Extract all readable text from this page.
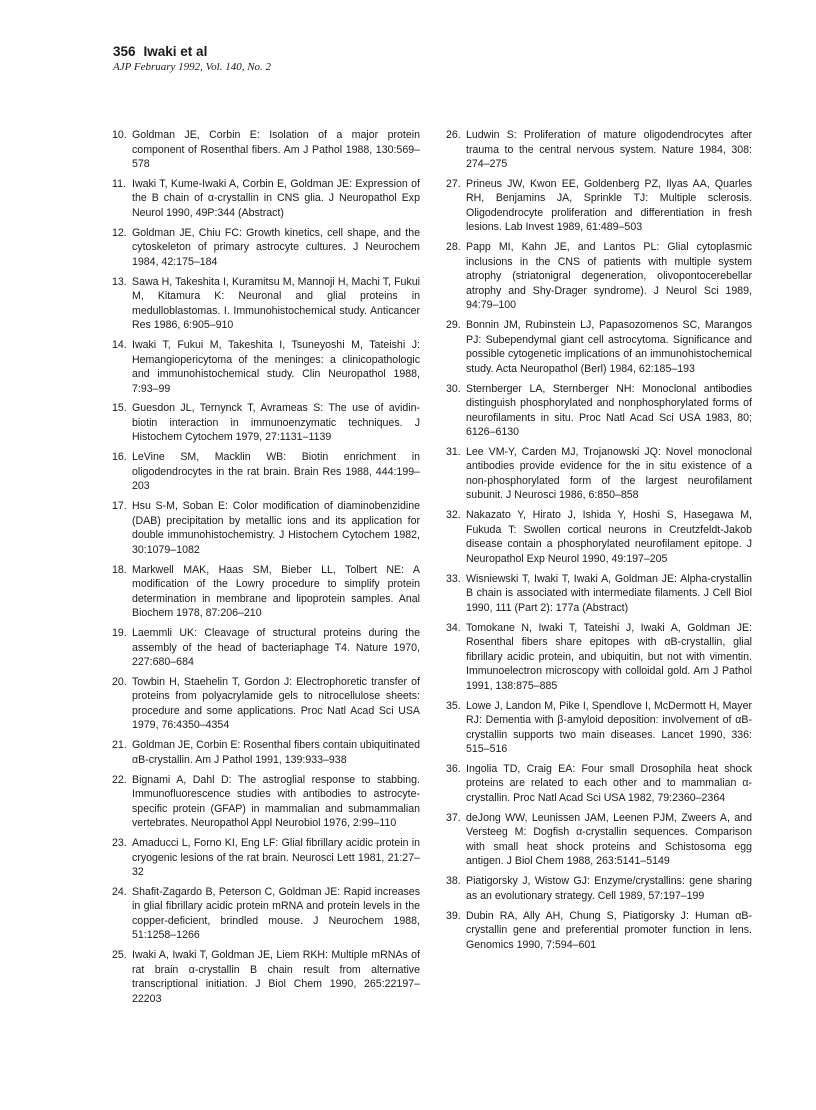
356 Iwaki et al
AJP February 1992, Vol. 140, No. 2
10. Goldman JE, Corbin E: Isolation of a major protein component of Rosenthal fibers. Am J Pathol 1988, 130:569–578
11. Iwaki T, Kume-Iwaki A, Corbin E, Goldman JE: Expression of the B chain of α-crystallin in CNS glia. J Neuropathol Exp Neurol 1990, 49P:344 (Abstract)
12. Goldman JE, Chiu FC: Growth kinetics, cell shape, and the cytoskeleton of primary astrocyte cultures. J Neurochem 1984, 42:175–184
13. Sawa H, Takeshita I, Kuramitsu M, Mannoji H, Machi T, Fukui M, Kitamura K: Neuronal and glial proteins in medulloblastomas. I. Immunohistochemical study. Anticancer Res 1986, 6:905–910
14. Iwaki T, Fukui M, Takeshita I, Tsuneyoshi M, Tateishi J: Hemangiopericytoma of the meninges: a clinicopathologic and immunohistochemical study. Clin Neuropathol 1988, 7:93–99
15. Guesdon JL, Ternynck T, Avrameas S: The use of avidin-biotin interaction in immunoenzymatic techniques. J Histochem Cytochem 1979, 27:1131–1139
16. LeVine SM, Macklin WB: Biotin enrichment in oligodendrocytes in the rat brain. Brain Res 1988, 444:199–203
17. Hsu S-M, Soban E: Color modification of diaminobenzidine (DAB) precipitation by metallic ions and its application for double immunohistochemistry. J Histochem Cytochem 1982, 30:1079–1082
18. Markwell MAK, Haas SM, Bieber LL, Tolbert NE: A modification of the Lowry procedure to simplify protein determination in membrane and lipoprotein samples. Anal Biochem 1978, 87:206–210
19. Laemmli UK: Cleavage of structural proteins during the assembly of the head of bacteriaphage T4. Nature 1970, 227:680–684
20. Towbin H, Staehelin T, Gordon J: Electrophoretic transfer of proteins from polyacrylamide gels to nitrocellulose sheets: procedure and some applications. Proc Natl Acad Sci USA 1979, 76:4350–4354
21. Goldman JE, Corbin E: Rosenthal fibers contain ubiquitinated αB-crystallin. Am J Pathol 1991, 139:933–938
22. Bignami A, Dahl D: The astroglial response to stabbing. Immunofluorescence studies with antibodies to astrocyte-specific protein (GFAP) in mammalian and submammalian vertebrates. Neuropathol Appl Neurobiol 1976, 2:99–110
23. Amaducci L, Forno KI, Eng LF: Glial fibrillary acidic protein in cryogenic lesions of the rat brain. Neurosci Lett 1981, 21:27–32
24. Shafit-Zagardo B, Peterson C, Goldman JE: Rapid increases in glial fibrillary acidic protein mRNA and protein levels in the copper-deficient, brindled mouse. J Neurochem 1988, 51:1258–1266
25. Iwaki A, Iwaki T, Goldman JE, Liem RKH: Multiple mRNAs of rat brain α-crystallin B chain result from alternative transcriptional initiation. J Biol Chem 1990, 265:22197–22203
26. Ludwin S: Proliferation of mature oligodendrocytes after trauma to the central nervous system. Nature 1984, 308: 274–275
27. Prineus JW, Kwon EE, Goldenberg PZ, Ilyas AA, Quarles RH, Benjamins JA, Sprinkle TJ: Multiple sclerosis. Oligodendrocyte proliferation and differentiation in fresh lesions. Lab Invest 1989, 61:489–503
28. Papp MI, Kahn JE, and Lantos PL: Glial cytoplasmic inclusions in the CNS of patients with multiple system atrophy (striatonigral degeneration, olivopontocerebellar atrophy and Shy-Drager syndrome). J Neurol Sci 1989, 94:79–100
29. Bonnin JM, Rubinstein LJ, Papasozomenos SC, Marangos PJ: Subependymal giant cell astrocytoma. Significance and possible cytogenetic implications of an immunohistochemical study. Acta Neuropathol (Berl) 1984, 62:185–193
30. Sternberger LA, Sternberger NH: Monoclonal antibodies distinguish phosphorylated and nonphosphorylated forms of neurofilaments in situ. Proc Natl Acad Sci USA 1983, 80; 6126–6130
31. Lee VM-Y, Carden MJ, Trojanowski JQ: Novel monoclonal antibodies provide evidence for the in situ existence of a non-phosphorylated form of the largest neurofilament subunit. J Neurosci 1986, 6:850–858
32. Nakazato Y, Hirato J, Ishida Y, Hoshi S, Hasegawa M, Fukuda T: Swollen cortical neurons in Creutzfeldt-Jakob disease contain a phosphorylated neurofilament epitope. J Neuropathol Exp Neurol 1990, 49:197–205
33. Wisniewski T, Iwaki T, Iwaki A, Goldman JE: Alpha-crystallin B chain is associated with intermediate filaments. J Cell Biol 1990, 111 (Part 2): 177a (Abstract)
34. Tomokane N, Iwaki T, Tateishi J, Iwaki A, Goldman JE: Rosenthal fibers share epitopes with αB-crystallin, glial fibrillary acidic protein, and ubiquitin, but not with vimentin. Immunoelectron microscopy with colloidal gold. Am J Pathol 1991, 138:875–885
35. Lowe J, Landon M, Pike I, Spendlove I, McDermott H, Mayer RJ: Dementia with β-amyloid deposition: involvement of αB-crystallin supports two main diseases. Lancet 1990, 336: 515–516
36. Ingolia TD, Craig EA: Four small Drosophila heat shock proteins are related to each other and to mammalian α-crystallin. Proc Natl Acad Sci USA 1982, 79:2360–2364
37. deJong WW, Leunissen JAM, Leenen PJM, Zweers A, and Versteeg M: Dogfish α-crystallin sequences. Comparison with small heat shock proteins and Schistosoma egg antigen. J Biol Chem 1988, 263:5141–5149
38. Piatigorsky J, Wistow GJ: Enzyme/crystallins: gene sharing as an evolutionary strategy. Cell 1989, 57:197–199
39. Dubin RA, Ally AH, Chung S, Piatigorsky J: Human αB-crystallin gene and preferential promoter function in lens. Genomics 1990, 7:594–601
